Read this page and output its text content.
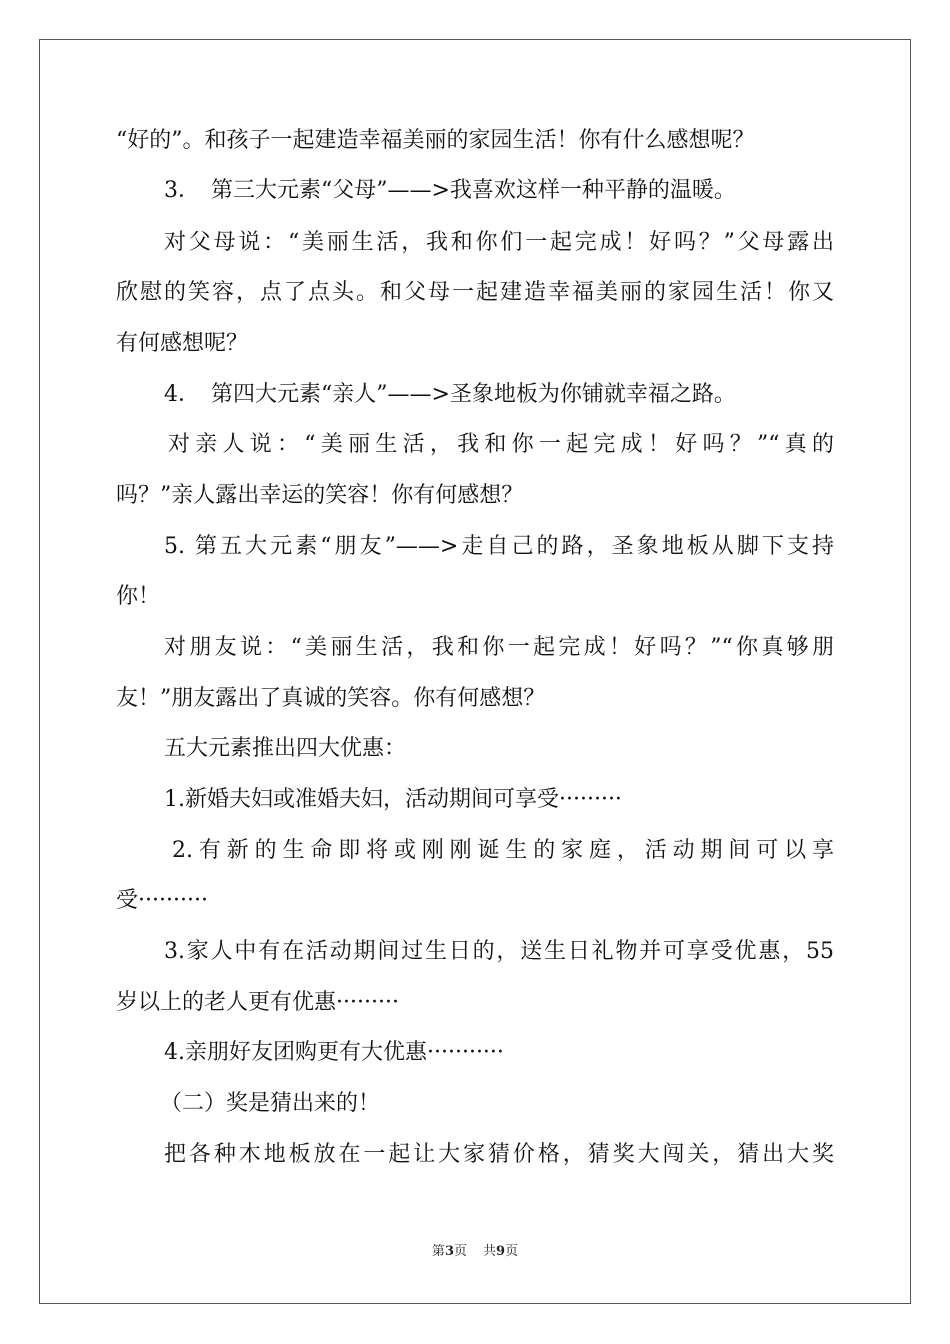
“好的”。和孩子一起建造幸福美丽的家园生活！你有什么感想呢？
3．　第三大元素“父母”——>我喜欢这样一种平静的温暖。
对父母说：“美丽生活，我和你们一起完成！好吗？”父母露出
欣慰的笑容，点了点头。和父母一起建造幸福美丽的家园生活！你又
有何感想呢？
4．　第四大元素“亲人”——>圣象地板为你铺就幸福之路。
对亲人说：“美丽生活，我和你一起完成！好吗？”“真的
吗？”亲人露出幸运的笑容！你有何感想？
5. 第五大元素“朋友”——>走自己的路，圣象地板从脚下支持
你！
对朋友说：“美丽生活，我和你一起完成！好吗？”“你真够朋
友！”朋友露出了真诚的笑容。你有何感想？
五大元素推出四大优惠：
1.新婚夫妇或准婚夫妇，活动期间可享受·········
2.有新的生命即将或刚刚诞生的家庭，活动期间可以享
受··········
3.家人中有在活动期间过生日的，送生日礼物并可享受优惠，55
岁以上的老人更有优惠·········
4.亲朋好友团购更有大优惠···········
（二）奖是猜出来的！
把各种木地板放在一起让大家猜价格，猜奖大闯关，猜出大奖
第3页 共9页
